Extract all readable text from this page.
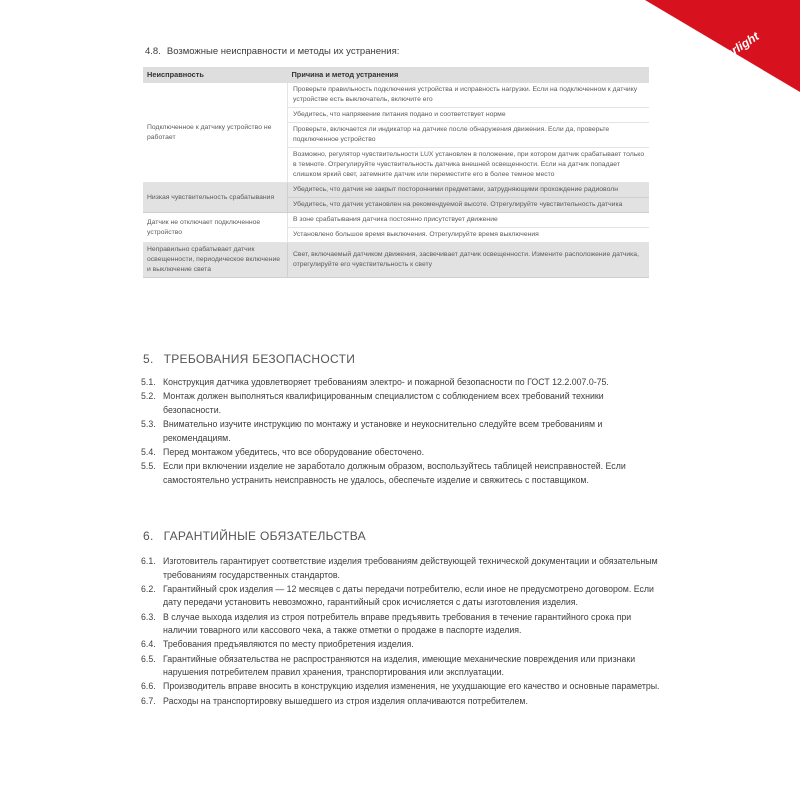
arlight
4.8. Возможные неисправности и методы их устранения:
Неисправность	Причина и метод устранения
Подключенное к датчику устройство не работает	Проверьте правильность подключения устройства и исправность нагрузки. Если на подключенном к датчику устройстве есть выключатель, включите его
	Убедитесь, что напряжение питания подано и соответствует норме
	Проверьте, включается ли индикатор на датчике после обнаружения движения. Если да, проверьте подключенное устройство
	Возможно, регулятор чувствительности LUX установлен в положение, при котором датчик срабатывает только в темноте. Отрегулируйте чувствительность датчика внешней освещенности. Если на датчик попадает слишком яркий свет, затемните датчик или переместите его в более темное место
Низкая чувствительность срабатывания	Убедитесь, что датчик не закрыт посторонними предметами, затрудняющими прохождение радиоволн
	Убедитесь, что датчик установлен на рекомендуемой высоте. Отрегулируйте чувствительность датчика
Датчик не отключает подключенное устройство	В зоне срабатывания датчика постоянно присутствует движение
	Установлено большое время выключения. Отрегулируйте время выключения
Неправильно срабатывает датчик освещенности, периодическое включение и выключение света	Свет, включаемый датчиком движения, засвечивает датчик освещенности. Измените расположение датчика, отрегулируйте его чувствительность к свету
5. ТРЕБОВАНИЯ БЕЗОПАСНОСТИ
5.1. Конструкция датчика удовлетворяет требованиям электро- и пожарной безопасности по ГОСТ 12.2.007.0-75.
5.2. Монтаж должен выполняться квалифицированным специалистом с соблюдением всех требований техники безопасности.
5.3. Внимательно изучите инструкцию по монтажу и установке и неукоснительно следуйте всем требованиям и рекомендациям.
5.4. Перед монтажом убедитесь, что все оборудование обесточено.
5.5. Если при включении изделие не заработало должным образом, воспользуйтесь таблицей неисправностей. Если самостоятельно устранить неисправность не удалось, обеспечьте изделие и свяжитесь с поставщиком.
6. ГАРАНТИЙНЫЕ ОБЯЗАТЕЛЬСТВА
6.1. Изготовитель гарантирует соответствие изделия требованиям действующей технической документации и обязательным требованиям государственных стандартов.
6.2. Гарантийный срок изделия — 12 месяцев с даты передачи потребителю, если иное не предусмотрено договором. Если дату передачи установить невозможно, гарантийный срок исчисляется с даты изготовления изделия.
6.3. В случае выхода изделия из строя потребитель вправе предъявить требования в течение гарантийного срока при наличии товарного или кассового чека, а также отметки о продаже в паспорте изделия.
6.4. Требования предъявляются по месту приобретения изделия.
6.5. Гарантийные обязательства не распространяются на изделия, имеющие механические повреждения или признаки нарушения потребителем правил хранения, транспортирования или эксплуатации.
6.6. Производитель вправе вносить в конструкцию изделия изменения, не ухудшающие его качество и основные параметры.
6.7. Расходы на транспортировку вышедшего из строя изделия оплачиваются потребителем.
